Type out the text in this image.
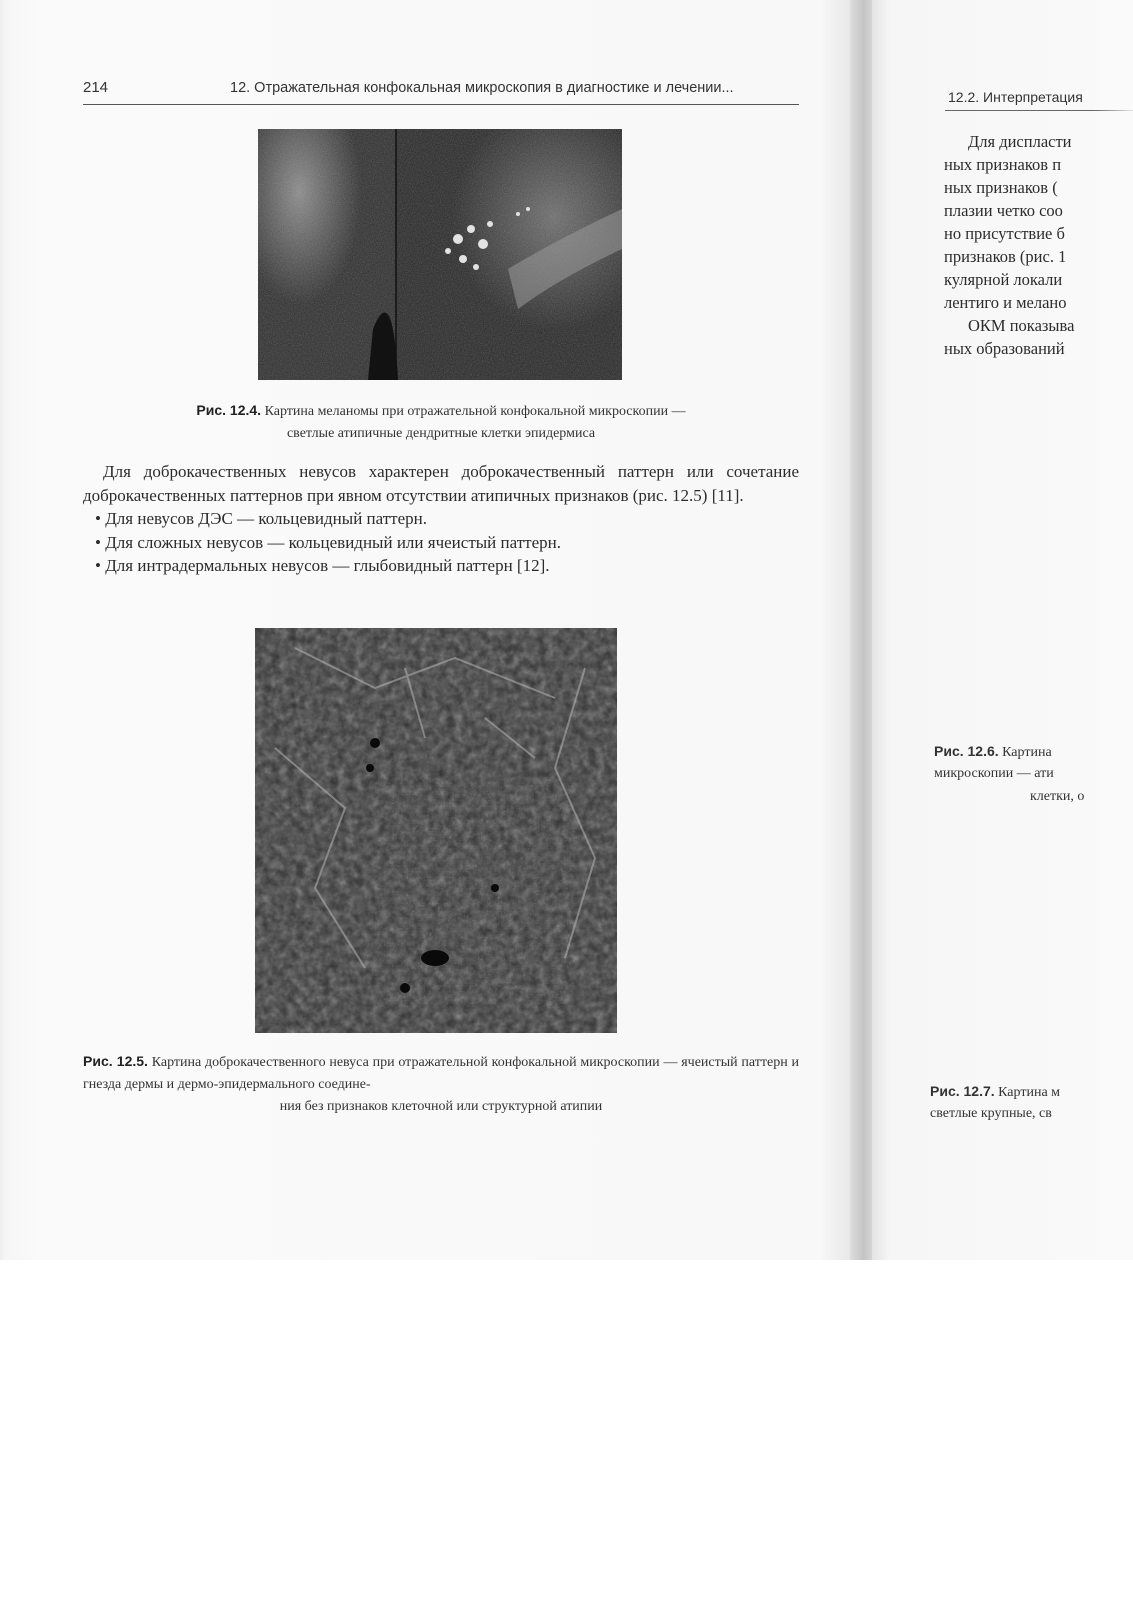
214	12. Отражательная конфокальная микроскопия в диагностике и лечении...
Рис. 12.4. Картина меланомы при отражательной конфокальной микроскопии —
светлые атипичные дендритные клетки эпидермиса

Для доброкачественных невусов характерен доброкачественный паттерн или сочетание доброкачественных паттернов при явном отсутствии атипичных признаков (рис. 12.5) [11].

• Для невусов ДЭС — кольцевидный паттерн.
• Для сложных невусов — кольцевидный или ячеистый паттерн.
• Для интрадермальных невусов — глыбовидный паттерн [12].
Рис. 12.5. Картина доброкачественного невуса при отражательной конфокальной микроскопии — ячеистый паттерн и гнезда дермы и дермо-эпидермального соедине-
ния без признаков клеточной или структурной атипии
12.2. Интерпретация
Для диспласти
ных признаков п
ных признаков (
плазии четко соо
но присутствие б
признаков (рис. 1
кулярной локали
лентиго и мелано
ОКМ показыва
ных образований
Рис. 12.6. Картина
микроскопии — ати
клетки, о
Рис. 12.7. Картина м
светлые крупные, св
